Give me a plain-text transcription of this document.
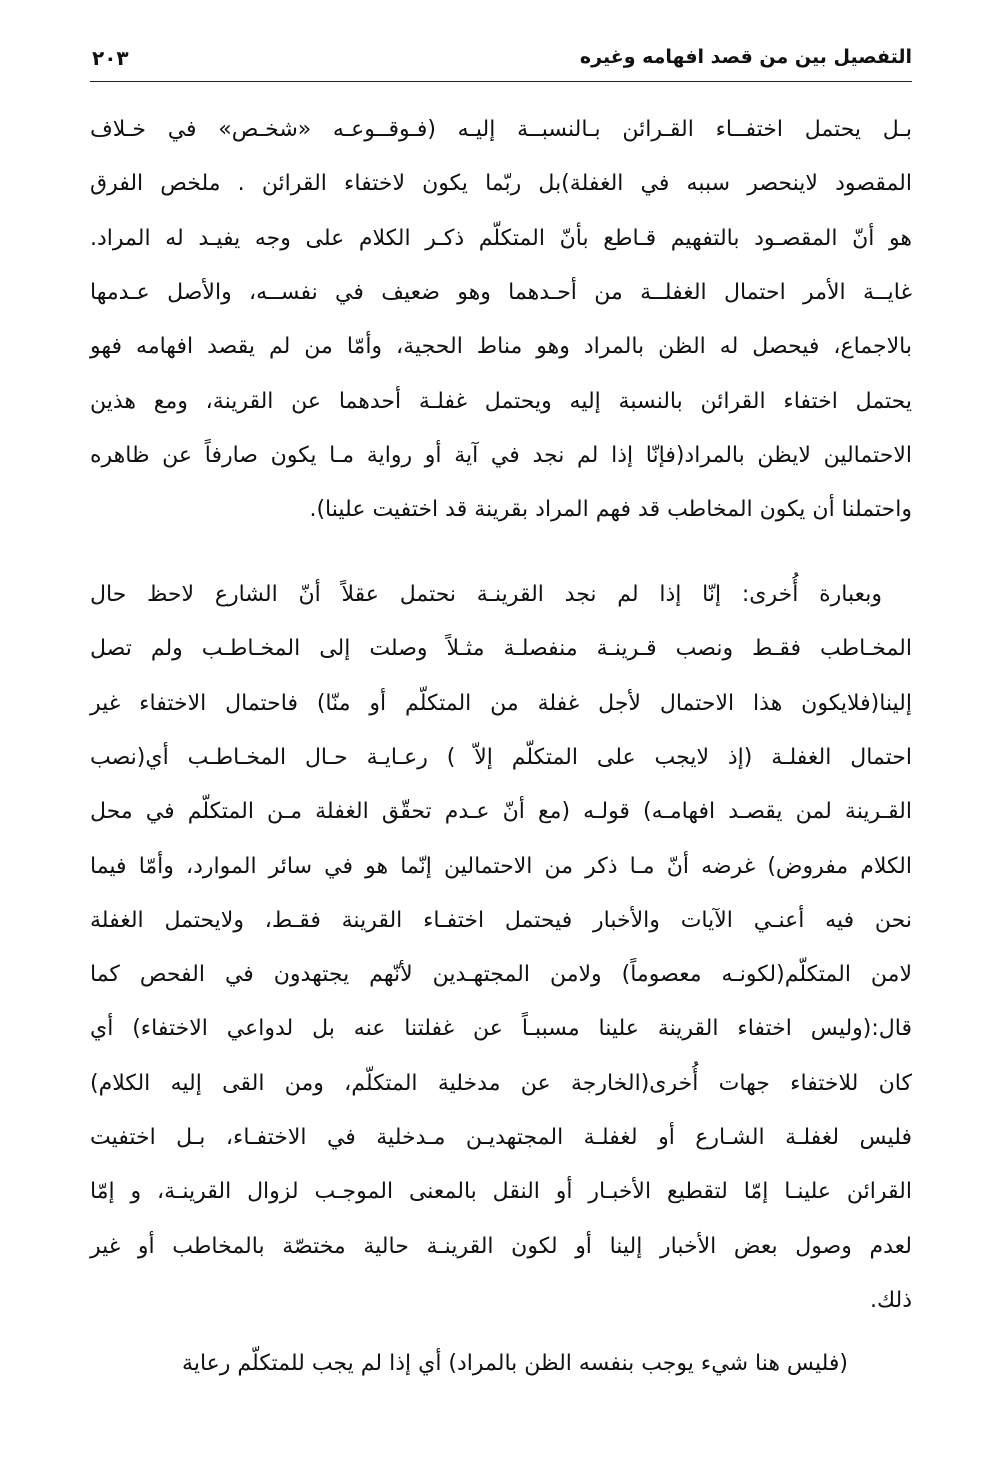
التفصيل بين من قصد افهامه وغيره
٢٠٣
بـل يحتمل اختفــاء القـرائن بـالنسبــة إليـه (فـوقــوعـه «شخـص» في خـلاف
المقصود لاينحصر سببه في الغفلة)بل ربّما يكون لاختفاء القرائن . ملخص الفرق
هو أنّ المقصـود بالتفهيم قـاطع بأنّ المتكلّم ذكـر الكلام على وجه يفيـد له المراد.
غايــة الأمر احتمال الغفلــة من أحـدهما وهو ضعيف في نفســه، والأصل عـدمها
بالاجماع، فيحصل له الظن بالمراد وهو مناط الحجية، وأمّا من لم يقصد افهامه فهو
يحتمل اختفاء القرائن بالنسبة إليه ويحتمل غفلـة أحدهما عن القرينة، ومع هذين
الاحتمالين لايظن بالمراد(فإنّا إذا لم نجد في آية أو رواية مـا يكون صارفاً عن ظاهره
واحتملنا أن يكون المخاطب قد فهم المراد بقرينة قد اختفيت علينا).
وبعبارة أُخرى: إنّا إذا لم نجد القرينـة نحتمل عقلاً أنّ الشارع لاحظ حال
المخـاطب فقـط ونصب قـرينـة منفصلـة مثـلاً وصلت إلى المخـاطـب ولم تصل
إلينا(فلايكون هذا الاحتمال لأجل غفلة من المتكلّم أو منّا) فاحتمال الاختفاء غير
احتمال الغفلـة (إذ لايجب على المتكلّم إلاّ ) رعـايـة حـال المخـاطـب أي(نصب
القـرينة لمن يقصـد افهامـه) قولـه (مع أنّ عـدم تحقّق الغفلة مـن المتكلّم في محل
الكلام مفروض) غرضه أنّ مـا ذكر من الاحتمالين إنّما هو في سائر الموارد، وأمّا فيما
نحن فيه أعنـي الآيات والأخبار فيحتمل اختفـاء القرينة فقـط، ولايحتمل الغفلة
لامن المتكلّم(لكونـه معصوماً) ولامن المجتهـدين لأنّهم يجتهدون في الفحص كما
قال:(وليس اختفاء القرينة علينا مسببـاً عن غفلتنا عنه بل لدواعي الاختفاء) أي
كان للاختفاء جهات أُخرى(الخارجة عن مدخلية المتكلّم، ومن القى إليه الكلام)
فليس لغفلـة الشـارع أو لغفلـة المجتهديـن مـدخلية في الاختفـاء، بـل اختفيت
القرائن علينـا إمّا لتقطيع الأخبـار أو النقل بالمعنى الموجـب لزوال القرينـة، و إمّا
لعدم وصول بعض الأخبار إلينا أو لكون القرينـة حالية مختصّة بالمخاطب أو غير
ذلك.
(فليس هنا شيء يوجب بنفسه الظن بالمراد) أي إذا لم يجب للمتكلّم رعاية
